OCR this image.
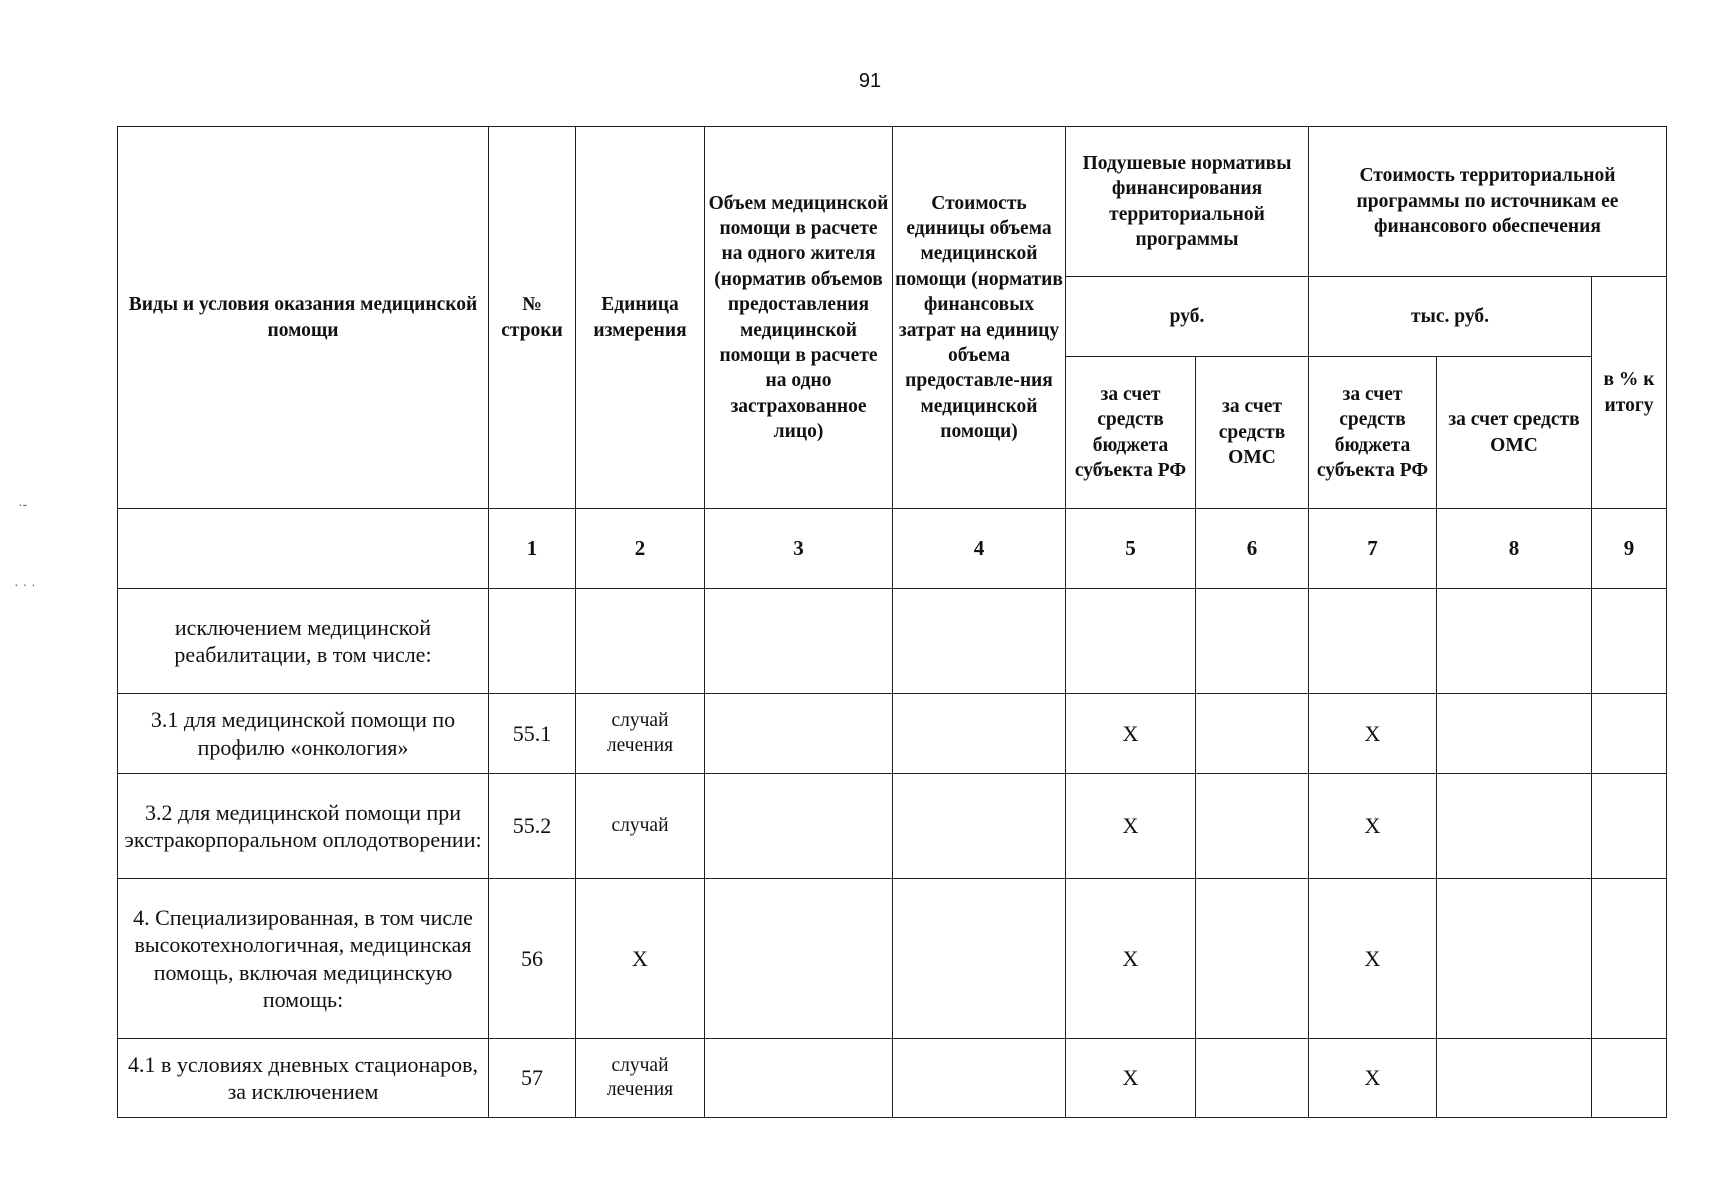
91
·-
· · ·
Виды и условия оказания медицинской помощи	№ строки	Единица измерения	Объем медицинской помощи в расчете на одного жителя (норматив объемов предоставления медицинской помощи в расчете на одно застрахованное лицо)	Стоимость единицы объема медицинской помощи (норматив финансовых затрат на единицу объема предоставле-ния медицинской помощи)	Подушевые нормативы финансирования территориальной программы		Стоимость территориальной программы по источникам ее финансового обеспечения		
					руб.		тыс. руб.		в % к итогу
					за счет средств бюджета субъекта РФ	за счет средств ОМС	за счет средств бюджета субъекта РФ	за счет средств ОМС	
	1	2	3	4	5	6	7	8	9
исключением медицинской реабилитации, в том числе:									
3.1 для медицинской помощи по профилю «онкология»	55.1	случай лечения			X		X		
3.2 для медицинской помощи при экстракорпоральном оплодотворении:	55.2	случай			X		X		
4. Специализированная, в том числе высокотехнологичная, медицинская помощь, включая медицинскую помощь:	56	X			X		X		
4.1 в условиях дневных стационаров, за исключением	57	случай лечения			X		X		
